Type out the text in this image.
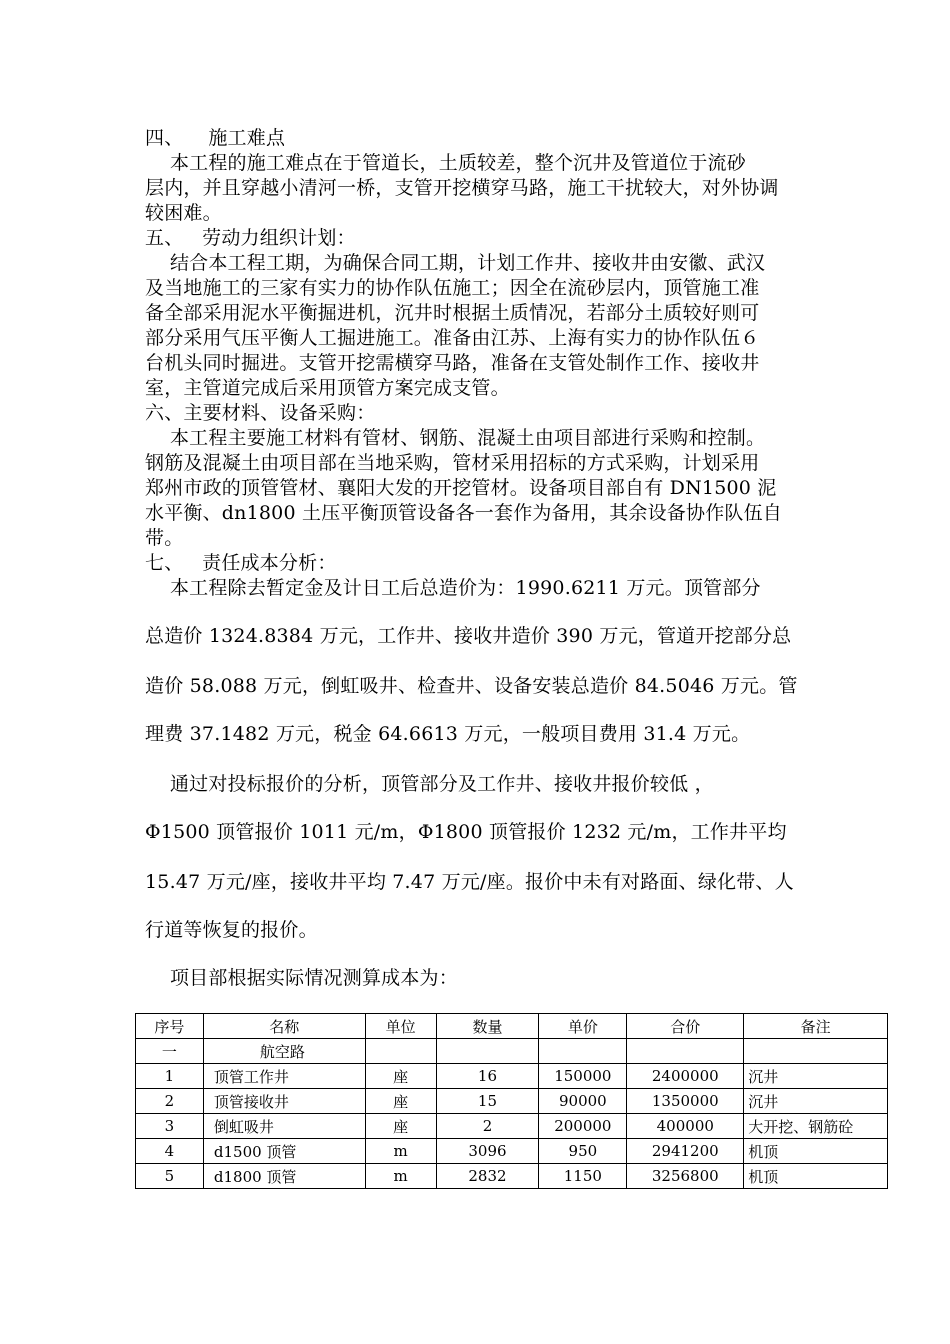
四、    施工难点
本工程的施工难点在于管道长，土质较差，整个沉井及管道位于流砂
层内，并且穿越小清河一桥，支管开挖横穿马路，施工干扰较大，对外协调
较困难。
五、   劳动力组织计划：
结合本工程工期，为确保合同工期，计划工作井、接收井由安徽、武汉
及当地施工的三家有实力的协作队伍施工；因全在流砂层内，顶管施工准
备全部采用泥水平衡掘进机，沉井时根据土质情况，若部分土质较好则可
部分采用气压平衡人工掘进施工。准备由江苏、上海有实力的协作队伍６
台机头同时掘进。支管开挖需横穿马路，准备在支管处制作工作、接收井
室，主管道完成后采用顶管方案完成支管。
六、主要材料、设备采购：
本工程主要施工材料有管材、钢筋、混凝土由项目部进行采购和控制。
钢筋及混凝土由项目部在当地采购，管材采用招标的方式采购，计划采用
郑州市政的顶管管材、襄阳大发的开挖管材。设备项目部自有 DN1500 泥
水平衡、dn1800 土压平衡顶管设备各一套作为备用，其余设备协作队伍自
带。
七、   责任成本分析：
本工程除去暂定金及计日工后总造价为：1990.6211 万元。顶管部分
总造价 1324.8384 万元，工作井、接收井造价 390 万元，管道开挖部分总
造价 58.088 万元，倒虹吸井、检查井、设备安装总造价 84.5046 万元。管
理费 37.1482 万元，税金 64.6613 万元，一般项目费用 31.4 万元。
通过对投标报价的分析，顶管部分及工作井、接收井报价较低 ，
Φ1500 顶管报价 1011 元/m，Φ1800 顶管报价 1232 元/m，工作井平均
15.47 万元/座，接收井平均 7.47 万元/座。报价中未有对路面、绿化带、人
行道等恢复的报价。
项目部根据实际情况测算成本为：
序号	名称	单位	数量	单价	合价	备注
一	航空路					
1	顶管工作井	座	16	150000	2400000	沉井
2	顶管接收井	座	15	90000	1350000	沉井
3	倒虹吸井	座	2	200000	400000	大开挖、钢筋砼
4	d1500 顶管	m	3096	950	2941200	机顶
5	d1800 顶管	m	2832	1150	3256800	机顶
